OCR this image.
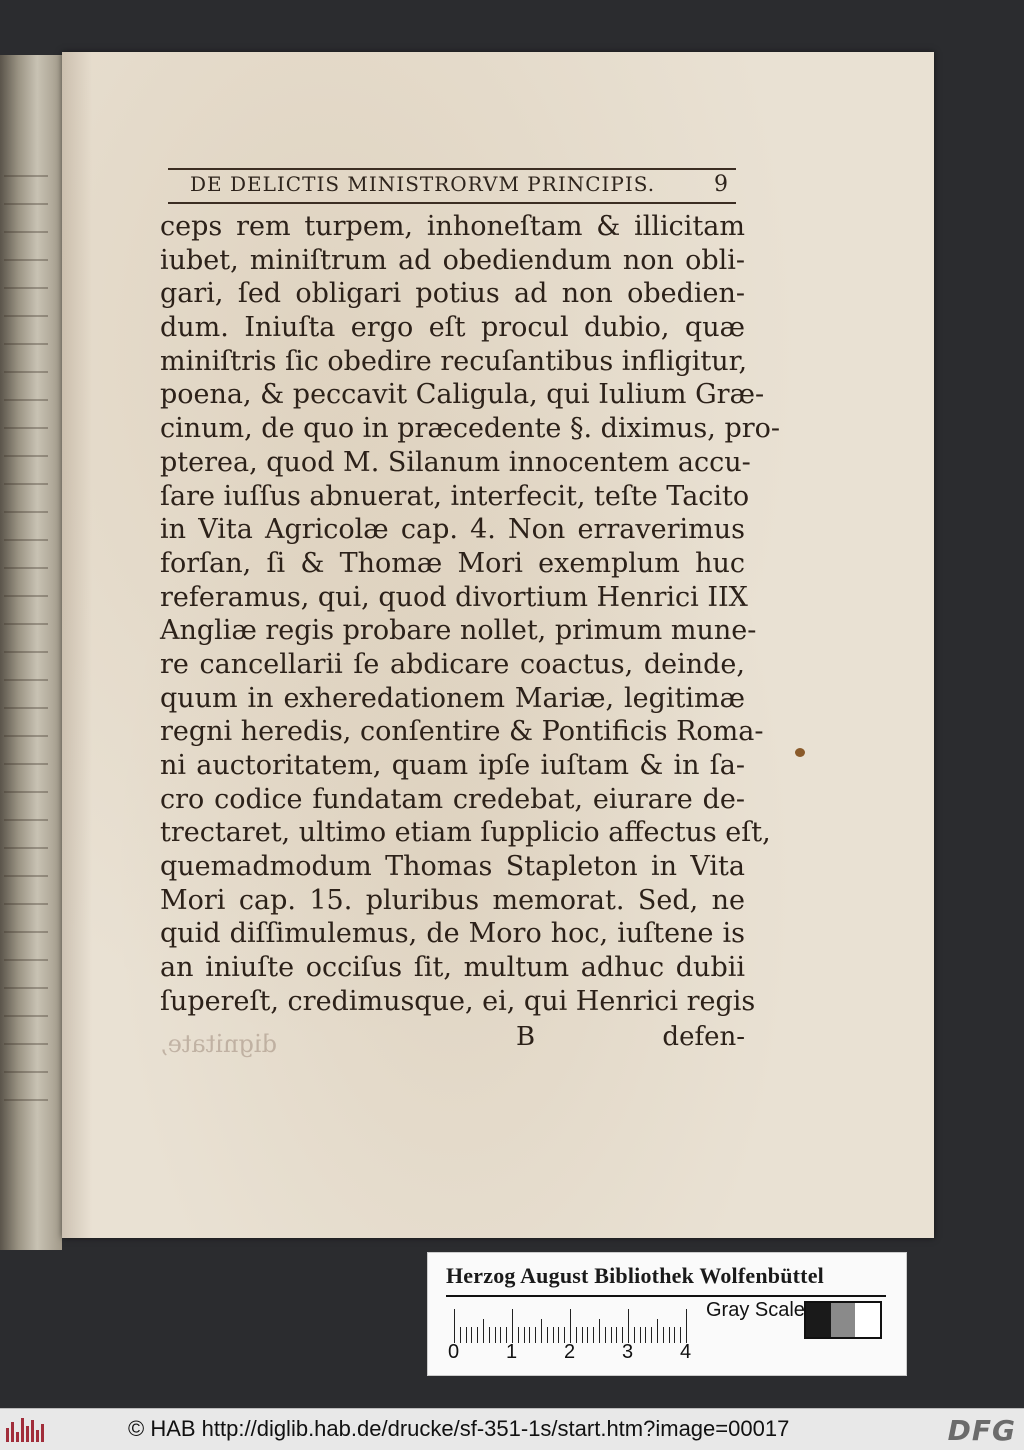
DE DELICTIS MINISTRORVM PRINCIPIS.	9
ceps rem turpem, inhoneſtam & illicitam
iubet, miniſtrum ad obediendum non obli-
gari, ſed obligari potius ad non obedien-
dum. Iniuſta ergo eſt procul dubio, quæ
miniſtris ſic obedire recuſantibus infligitur,
poena, & peccavit Caligula, qui Iulium Græ-
cinum, de quo in præcedente §. diximus, pro-
pterea, quod M. Silanum innocentem accu-
ſare iuſſus abnuerat, interfecit, teſte Tacito
in Vita Agricolæ cap. 4. Non erraverimus
forſan, ſi & Thomæ Mori exemplum huc
referamus, qui, quod divortium Henrici IIX
Angliæ regis probare nollet, primum mune-
re cancellarii ſe abdicare coactus, deinde,
quum in exheredationem Mariæ, legitimæ
regni heredis, conſentire & Pontificis Roma-
ni auctoritatem, quam ipſe iuſtam & in ſa-
cro codice fundatam credebat, eiurare de-
trectaret, ultimo etiam ſupplicio affectus eſt,
quemadmodum Thomas Stapleton in Vita
Mori cap. 15. pluribus memorat. Sed, ne
quid diſſimulemus, de Moro hoc, iuſtene is
an iniuſte occiſus ſit, multum adhuc dubii
ſupereſt, credimusque, ei, qui Henrici regis
dignitate,	B	defen-
Herzog August Bibliothek Wolfenbüttel
0 1 2 3 4
Gray Scale
© HAB http://diglib.hab.de/drucke/sf-351-1s/start.htm?image=00017	DFG
